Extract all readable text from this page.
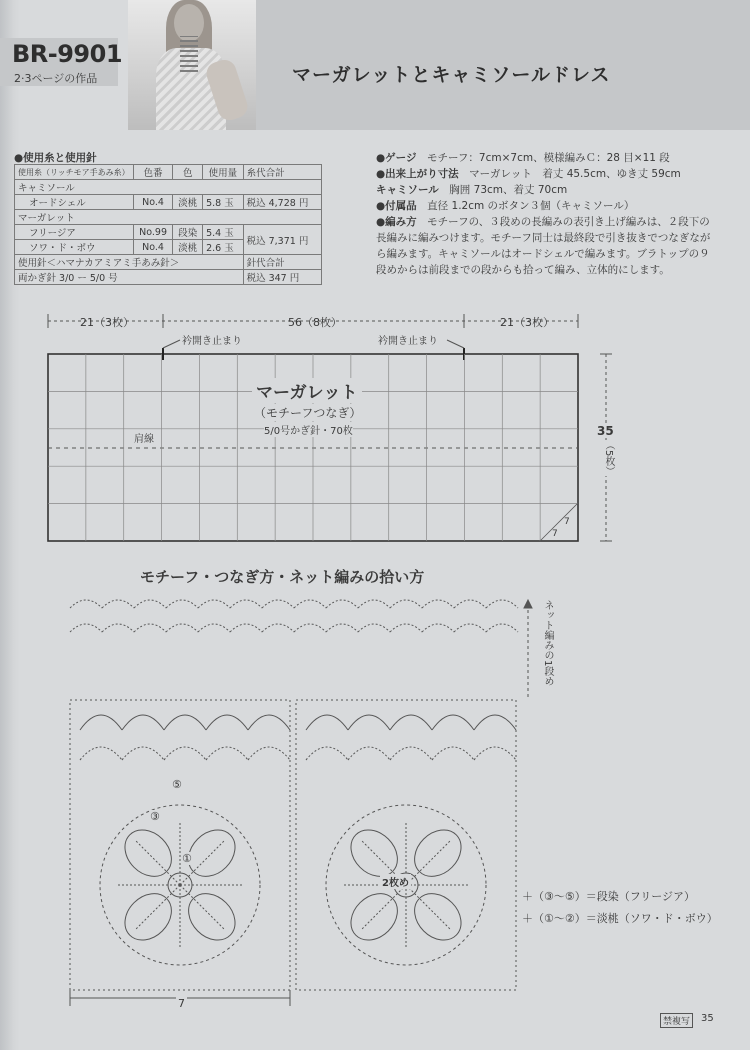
BR-9901
2·3ページの作品	マーガレットとキャミソールドレス
●使用糸と使用針
使用糸（リッチモア手あみ糸）	色番	色	使用量	糸代合計
キャミソール				
オードシェル	No.4	淡桃	5.8 玉	税込 4,728 円
マーガレット				
フリージア	No.99	段染	5.4 玉	税込 7,371 円
ソワ・ド・ボウ	No.4	淡桃	2.6 玉	
使用針＜ハマナカアミアミ手あみ針＞				針代合計
両かぎ針 3/0 ー 5/0 号				税込 347 円
●ゲージ　 モチーフ：7cm×7cm、模様編みＣ：28 目×11 段
●出来上がり寸法　 マーガレット　着丈 45.5cm、ゆき丈 59cm
キャミソール　 胸囲 73cm、着丈 70cm
●付属品　 直径 1.2cm のボタン３個（キャミソール）
●編み方　 モチーフの、３段めの長編みの表引き上げ編みは、２段下の長編みに編みつけます。モチーフ同士は最終段で引き抜きでつなぎながら編みます。キャミソールはオードシェルで編みます。ブラトップの９段めからは前段までの段からも拾って編み、立体的にします。
21（3枚）	56（8枚）	21（3枚）
衿開き止まり	衿開き止まり
マーガレット
（モチーフつなぎ）
5/0号かぎ針・70枚
肩線
35
（5枚）
7
7
モチーフ・つなぎ方・ネット編みの拾い方
ネット編みの1段め
2枚め
7
①
③
⑤
＋（③〜⑤）＝段染（フリージア）
＋（①〜②）＝淡桃（ソワ・ド・ボウ）
禁複写	35
